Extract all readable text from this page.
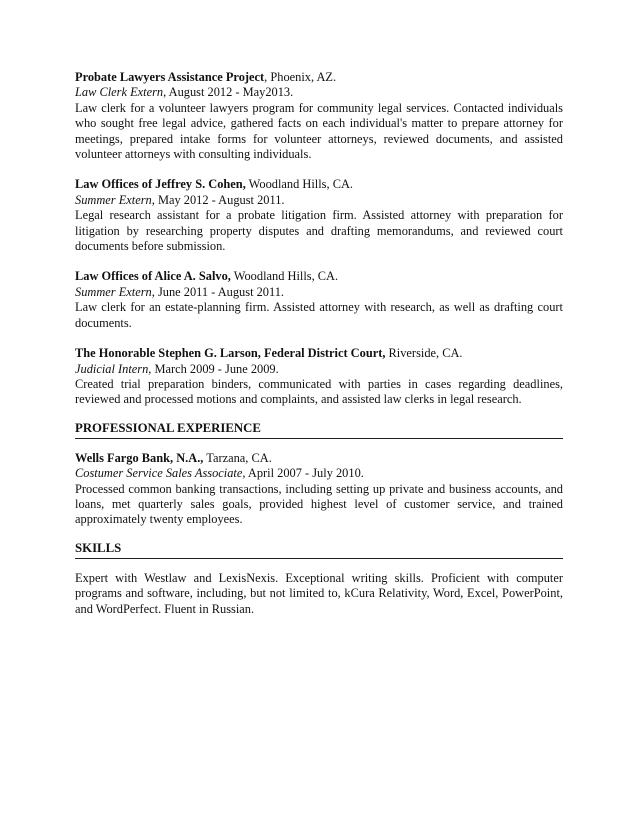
Probate Lawyers Assistance Project, Phoenix, AZ.
Law Clerk Extern, August 2012 - May2013.
Law clerk for a volunteer lawyers program for community legal services. Contacted individuals who sought free legal advice, gathered facts on each individual's matter to prepare attorney for meetings, prepared intake forms for volunteer attorneys, reviewed documents, and assisted volunteer attorneys with consulting individuals.
Law Offices of Jeffrey S. Cohen, Woodland Hills, CA.
Summer Extern, May 2012 - August 2011.
Legal research assistant for a probate litigation firm. Assisted attorney with preparation for litigation by researching property disputes and drafting memorandums, and reviewed court documents before submission.
Law Offices of Alice A. Salvo, Woodland Hills, CA.
Summer Extern, June 2011 - August 2011.
Law clerk for an estate-planning firm. Assisted attorney with research, as well as drafting court documents.
The Honorable Stephen G. Larson, Federal District Court, Riverside, CA.
Judicial Intern, March 2009 - June 2009.
Created trial preparation binders, communicated with parties in cases regarding deadlines, reviewed and processed motions and complaints, and assisted law clerks in legal research.
PROFESSIONAL EXPERIENCE
Wells Fargo Bank, N.A., Tarzana, CA.
Costumer Service Sales Associate, April 2007 - July 2010.
Processed common banking transactions, including setting up private and business accounts, and loans, met quarterly sales goals, provided highest level of customer service, and trained approximately twenty employees.
SKILLS
Expert with Westlaw and LexisNexis. Exceptional writing skills. Proficient with computer programs and software, including, but not limited to, kCura Relativity, Word, Excel, PowerPoint, and WordPerfect. Fluent in Russian.
